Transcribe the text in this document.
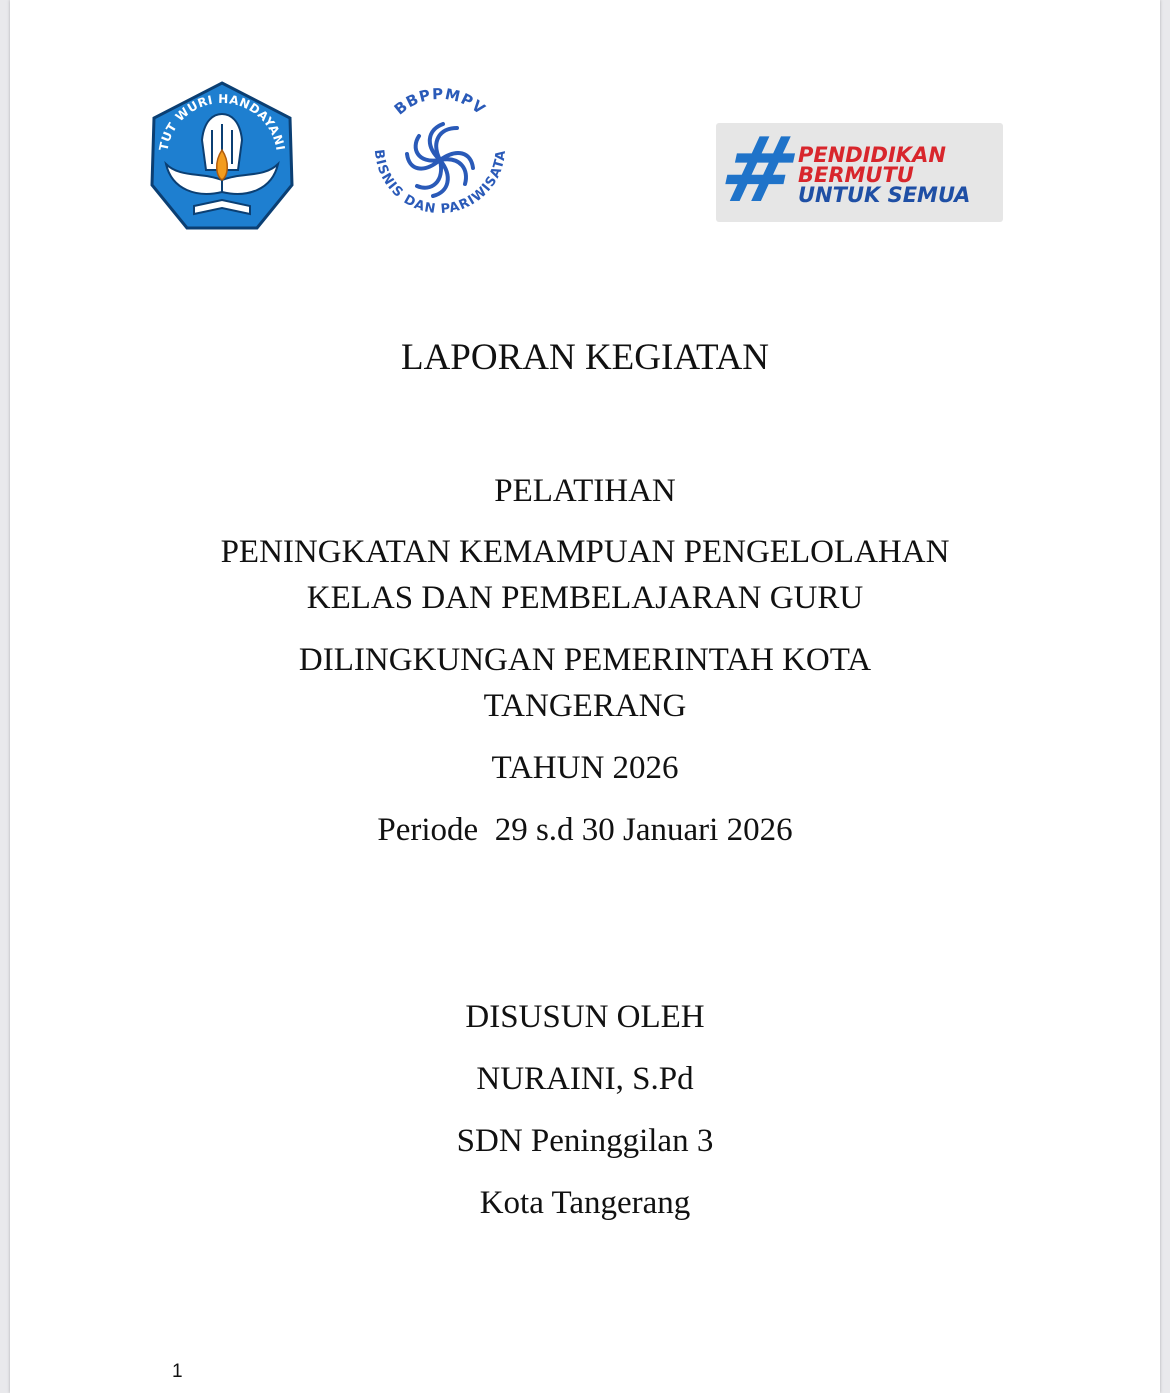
TUT WURI HANDAYANI
BBPPMPV
BISNIS DAN PARIWISATA #
PENDIDIKAN
BERMUTU
UNTUK SEMUA
LAPORAN KEGIATAN
PELATIHAN
PENINGKATAN KEMAMPUAN PENGELOLAHAN
KELAS DAN PEMBELAJARAN GURU
DILINGKUNGAN PEMERINTAH KOTA
TANGERANG
TAHUN 2026
Periode  29 s.d 30 Januari 2026
DISUSUN OLEH
NURAINI, S.Pd
SDN Peninggilan 3
Kota Tangerang
1
